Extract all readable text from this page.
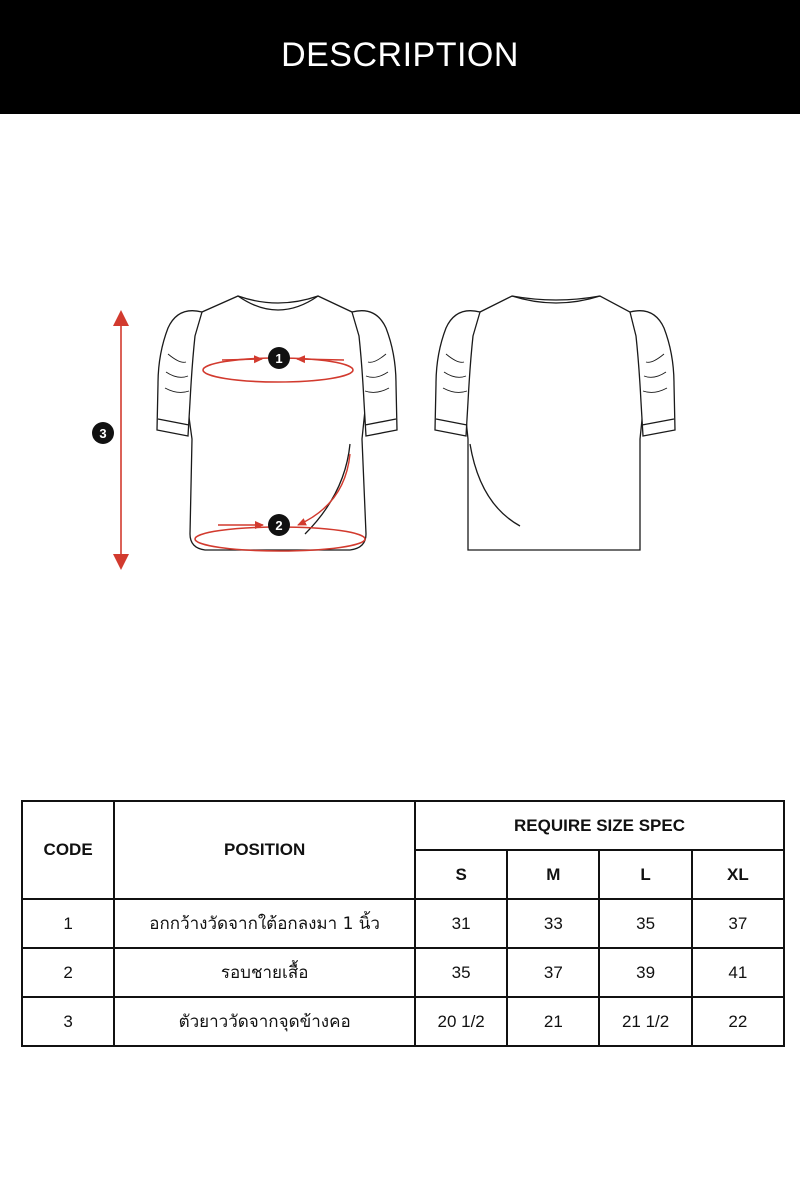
DESCRIPTION
1
2
3
CODE	POSITION	REQUIRE SIZE SPEC			
		S	M	L	XL
1	อกกว้างวัดจากใต้อกลงมา 1 นิ้ว	31	33	35	37
2	รอบชายเสื้อ	35	37	39	41
3	ตัวยาววัดจากจุดข้างคอ	20 1/2	21	21 1/2	22
